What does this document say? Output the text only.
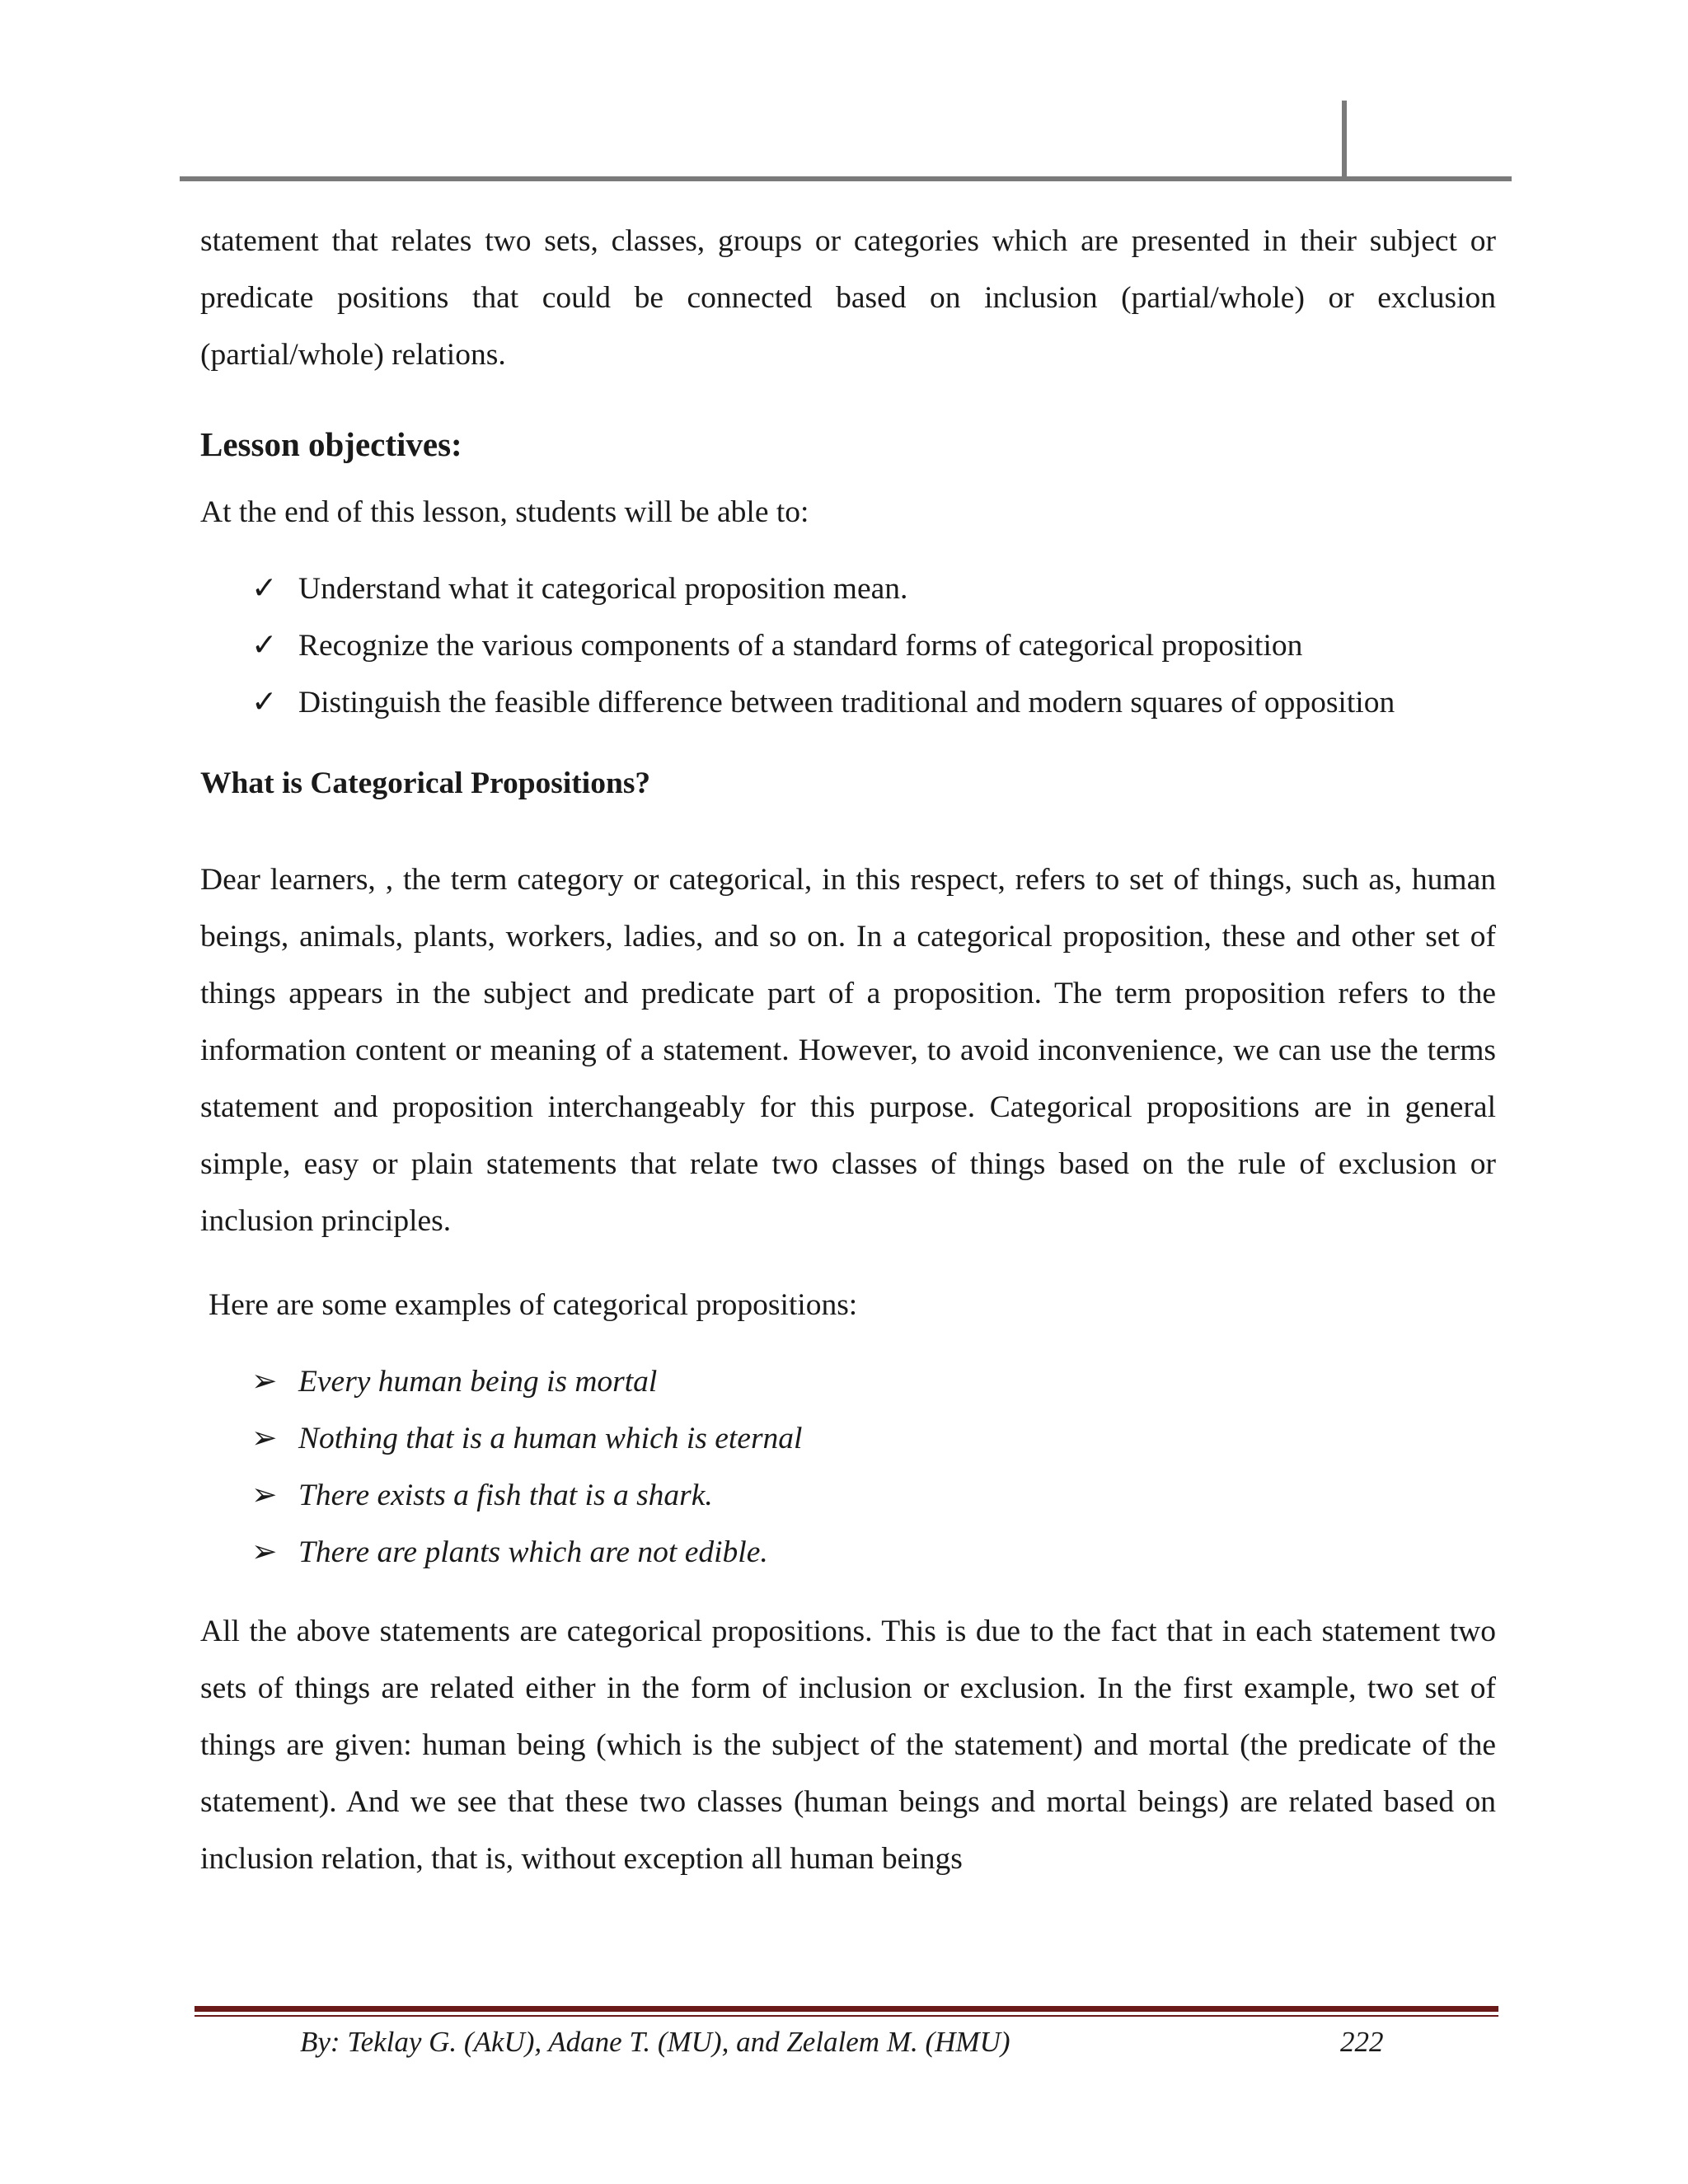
statement that relates two sets, classes, groups or categories which are presented in their subject or predicate positions that could be connected based on inclusion (partial/whole) or exclusion (partial/whole) relations.

Lesson objectives:

At the end of this lesson, students will be able to:

✓ Understand what it categorical proposition mean.
✓ Recognize the various components of a standard forms of categorical proposition
✓ Distinguish the feasible difference between traditional and modern squares of opposition
What is Categorical Propositions?

Dear learners, , the term category or categorical, in this respect, refers to set of things, such as, human beings, animals, plants, workers, ladies, and so on. In a categorical proposition, these and other set of things appears in the subject and predicate part of a proposition. The term proposition refers to the information content or meaning of a statement. However, to avoid inconvenience, we can use the terms statement and proposition interchangeably for this purpose. Categorical propositions are in general simple, easy or plain statements that relate two classes of things based on the rule of exclusion or inclusion principles.

Here are some examples of categorical propositions:

➢ Every human being is mortal
➢ Nothing that is a human which is eternal
➢ There exists a fish that is a shark.
➢ There are plants which are not edible.

All the above statements are categorical propositions. This is due to the fact that in each statement two sets of things are related either in the form of inclusion or exclusion. In the first example, two set of things are given: human being (which is the subject of the statement) and mortal (the predicate of the statement). And we see that these two classes (human beings and mortal beings) are related based on inclusion relation, that is, without exception all human beings

By: Teklay G. (AkU), Adane T. (MU), and Zelalem M. (HMU)	222
